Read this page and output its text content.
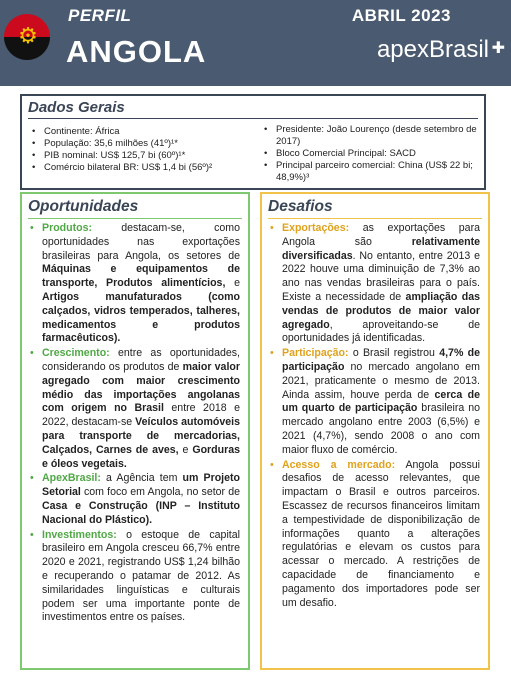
⚙
PERFIL
ANGOLA
ABRIL 2023
apexBrasil ✚
Dados Gerais
• Continente: África
• População: 35,6 milhões (41º)¹*
• PIB nominal: US$ 125,7 bi (60º)¹*
• Comércio bilateral BR: US$ 1,4 bi (56º)²
• Presidente: João Lourenço (desde setembro de 2017)
• Bloco Comercial Principal: SACD
• Principal parceiro comercial: China (US$ 22 bi; 48,9%)³
Oportunidades
• Produtos: destacam-se, como oportunidades nas exportações brasileiras para Angola, os setores de Máquinas e equipamentos de transporte, Produtos alimentícios, e Artigos manufaturados (como calçados, vidros temperados, talheres, medicamentos e produtos farmacêuticos).
• Crescimento: entre as oportunidades, considerando os produtos de maior valor agregado com maior crescimento médio das importações angolanas com origem no Brasil entre 2018 e 2022, destacam-se Veículos automóveis para transporte de mercadorias, Calçados, Carnes de aves, e Gorduras e óleos vegetais.
• ApexBrasil: a Agência tem um Projeto Setorial com foco em Angola, no setor de Casa e Construção (INP – Instituto Nacional do Plástico).
• Investimentos: o estoque de capital brasileiro em Angola cresceu 66,7% entre 2020 e 2021, registrando US$ 1,24 bilhão e recuperando o patamar de 2012. As similaridades linguísticas e culturais podem ser uma importante ponte de investimentos entre os países.
Desafios
• Exportações: as exportações para Angola são relativamente diversificadas. No entanto, entre 2013 e 2022 houve uma diminuição de 7,3% ao ano nas vendas brasileiras para o país. Existe a necessidade de ampliação das vendas de produtos de maior valor agregado, aproveitando-se de oportunidades já identificadas.
• Participação: o Brasil registrou 4,7% de participação no mercado angolano em 2021, praticamente o mesmo de 2013. Ainda assim, houve perda de cerca de um quarto de participação brasileira no mercado angolano entre 2003 (6,5%) e 2021 (4,7%), sendo 2008 o ano com maior fluxo de comércio.
• Acesso a mercado: Angola possui desafios de acesso relevantes, que impactam o Brasil e outros parceiros. Escassez de recursos financeiros limitam a tempestividade de disponibilização de informações quanto a alterações regulatórias e elevam os custos para acessar o mercado. A restrições de capacidade de financiamento e pagamento dos importadores pode ser um desafio.
